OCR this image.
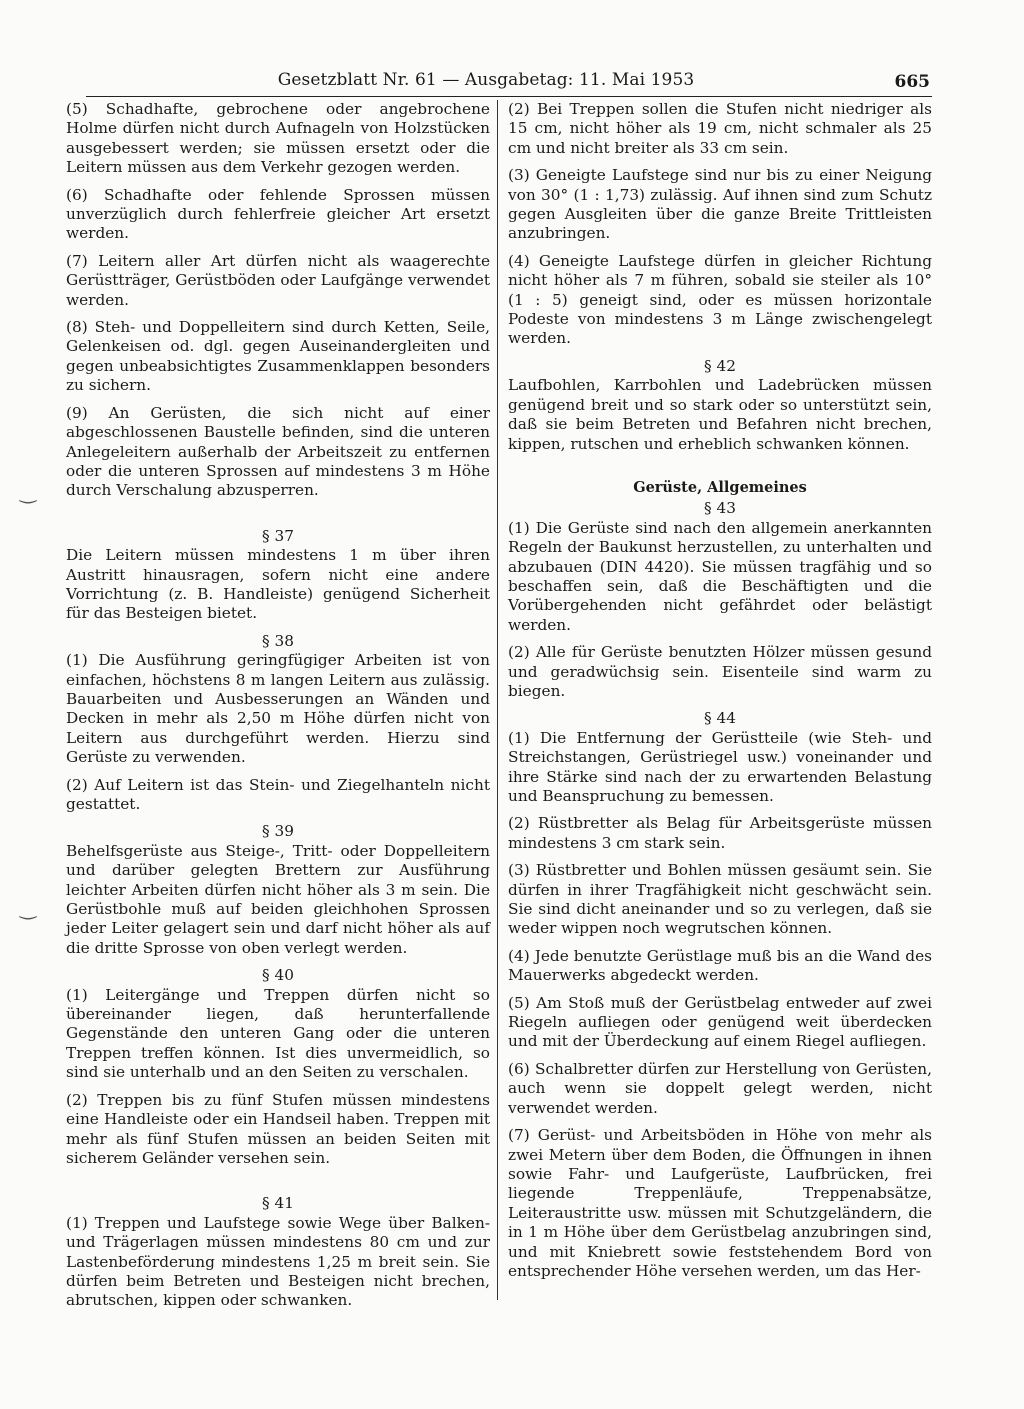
Gesetzblatt Nr. 61 — Ausgabetag: 11. Mai 1953	665
‿
‿

(5) Schadhafte, gebrochene oder angebrochene Holme dürfen nicht durch Aufnageln von Holzstücken ausgebessert werden; sie müssen ersetzt oder die Leitern müssen aus dem Verkehr gezogen werden.

(6) Schadhafte oder fehlende Sprossen müssen unverzüglich durch fehlerfreie gleicher Art ersetzt werden.

(7) Leitern aller Art dürfen nicht als waagerechte Gerüstträger, Gerüstböden oder Laufgänge verwendet werden.

(8) Steh- und Doppelleitern sind durch Ketten, Seile, Gelenkeisen od. dgl. gegen Auseinandergleiten und gegen unbeabsichtigtes Zusammenklappen besonders zu sichern.

(9) An Gerüsten, die sich nicht auf einer abgeschlossenen Baustelle befinden, sind die unteren Anlegeleitern außerhalb der Arbeitszeit zu entfernen oder die unteren Sprossen auf mindestens 3 m Höhe durch Verschalung abzusperren.

§ 37

Die Leitern müssen mindestens 1 m über ihren Austritt hinausragen, sofern nicht eine andere Vorrichtung (z. B. Handleiste) genügend Sicherheit für das Besteigen bietet.

§ 38

(1) Die Ausführung geringfügiger Arbeiten ist von einfachen, höchstens 8 m langen Leitern aus zulässig. Bauarbeiten und Ausbesserungen an Wänden und Decken in mehr als 2,50 m Höhe dürfen nicht von Leitern aus durchgeführt werden. Hierzu sind Gerüste zu verwenden.

(2) Auf Leitern ist das Stein- und Ziegelhanteln nicht gestattet.

§ 39

Behelfsgerüste aus Steige-, Tritt- oder Doppelleitern und darüber gelegten Brettern zur Ausführung leichter Arbeiten dürfen nicht höher als 3 m sein. Die Gerüstbohle muß auf beiden gleichhohen Sprossen jeder Leiter gelagert sein und darf nicht höher als auf die dritte Sprosse von oben verlegt werden.

§ 40

(1) Leitergänge und Treppen dürfen nicht so übereinander liegen, daß herunterfallende Gegenstände den unteren Gang oder die unteren Treppen treffen können. Ist dies unvermeidlich, so sind sie unterhalb und an den Seiten zu verschalen.

(2) Treppen bis zu fünf Stufen müssen mindestens eine Handleiste oder ein Handseil haben. Treppen mit mehr als fünf Stufen müssen an beiden Seiten mit sicherem Geländer versehen sein.

§ 41

(1) Treppen und Laufstege sowie Wege über Balken- und Trägerlagen müssen mindestens 80 cm und zur Lastenbeförderung mindestens 1,25 m breit sein. Sie dürfen beim Betreten und Besteigen nicht brechen, abrutschen, kippen oder schwanken.

(2) Bei Treppen sollen die Stufen nicht niedriger als 15 cm, nicht höher als 19 cm, nicht schmaler als 25 cm und nicht breiter als 33 cm sein.

(3) Geneigte Laufstege sind nur bis zu einer Neigung von 30° (1 : 1,73) zulässig. Auf ihnen sind zum Schutz gegen Ausgleiten über die ganze Breite Trittleisten anzubringen.

(4) Geneigte Laufstege dürfen in gleicher Richtung nicht höher als 7 m führen, sobald sie steiler als 10° (1 : 5) geneigt sind, oder es müssen horizontale Podeste von mindestens 3 m Länge zwischengelegt werden.

§ 42

Laufbohlen, Karrbohlen und Ladebrücken müssen genügend breit und so stark oder so unterstützt sein, daß sie beim Betreten und Befahren nicht brechen, kippen, rutschen und erheblich schwanken können.

Gerüste, Allgemeines

§ 43

(1) Die Gerüste sind nach den allgemein anerkannten Regeln der Baukunst herzustellen, zu unterhalten und abzubauen (DIN 4420). Sie müssen tragfähig und so beschaffen sein, daß die Beschäftigten und die Vorübergehenden nicht gefährdet oder belästigt werden.

(2) Alle für Gerüste benutzten Hölzer müssen gesund und geradwüchsig sein. Eisenteile sind warm zu biegen.

§ 44

(1) Die Entfernung der Gerüstteile (wie Steh- und Streichstangen, Gerüstriegel usw.) voneinander und ihre Stärke sind nach der zu erwartenden Belastung und Beanspruchung zu bemessen.

(2) Rüstbretter als Belag für Arbeitsgerüste müssen mindestens 3 cm stark sein.

(3) Rüstbretter und Bohlen müssen gesäumt sein. Sie dürfen in ihrer Tragfähigkeit nicht geschwächt sein. Sie sind dicht aneinander und so zu verlegen, daß sie weder wippen noch wegrutschen können.

(4) Jede benutzte Gerüstlage muß bis an die Wand des Mauerwerks abgedeckt werden.

(5) Am Stoß muß der Gerüstbelag entweder auf zwei Riegeln aufliegen oder genügend weit überdecken und mit der Überdeckung auf einem Riegel aufliegen.

(6) Schalbretter dürfen zur Herstellung von Gerüsten, auch wenn sie doppelt gelegt werden, nicht verwendet werden.

(7) Gerüst- und Arbeitsböden in Höhe von mehr als zwei Metern über dem Boden, die Öffnungen in ihnen sowie Fahr- und Laufgerüste, Laufbrücken, frei liegende Treppenläufe, Treppenabsätze, Leiteraustritte usw. müssen mit Schutzgeländern, die in 1 m Höhe über dem Gerüstbelag anzubringen sind, und mit Kniebrett sowie feststehendem Bord von entsprechender Höhe versehen werden, um das Her-
